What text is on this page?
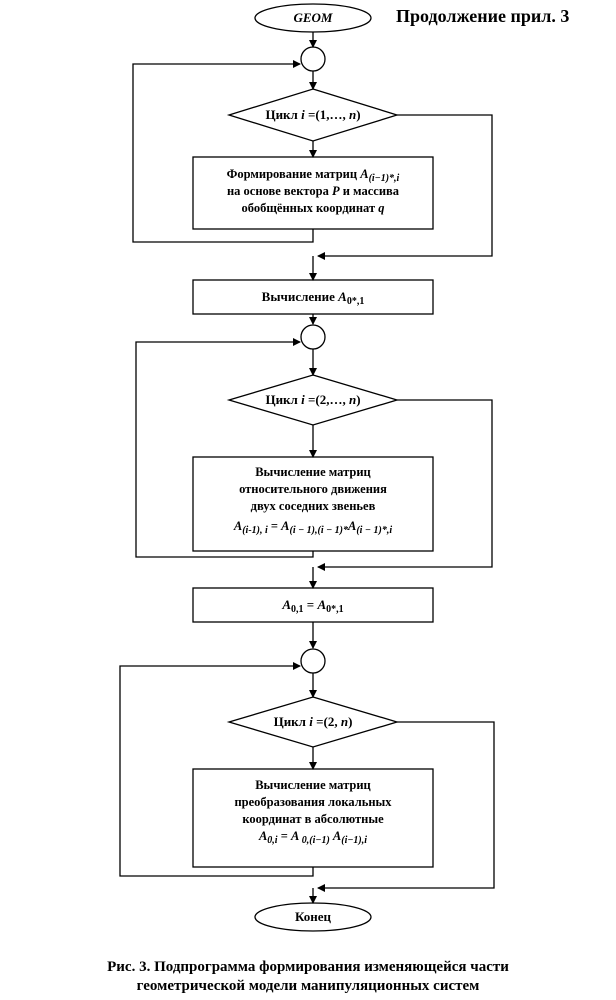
Продолжение прил. 3
GEOM
Цикл i =(1,…, n)
Формирование матриц $A_{(i-1)*,i}$
на основе вектора P и массива
обобщённых координат q
Вычисление $A_{0*,1}$
Цикл i =(2,…, n)
Вычисление матриц
относительного движения
двух соседних звеньев
$A_{(i-1), i} = A_{(i - 1),(i - 1)*}A_{(i - 1)*,i}$
$A_{0,1} = A_{0*,1}$
Цикл i =(2, n)
Вычисление матриц
преобразования локальных
координат в абсолютные
$A_{0,i} = A$ $_{0,(i-1)}$ $A_{(i-1),i}$
Конец
Рис. 3. Подпрограмма формирования изменяющейся части
геометрической модели манипуляционных систем
